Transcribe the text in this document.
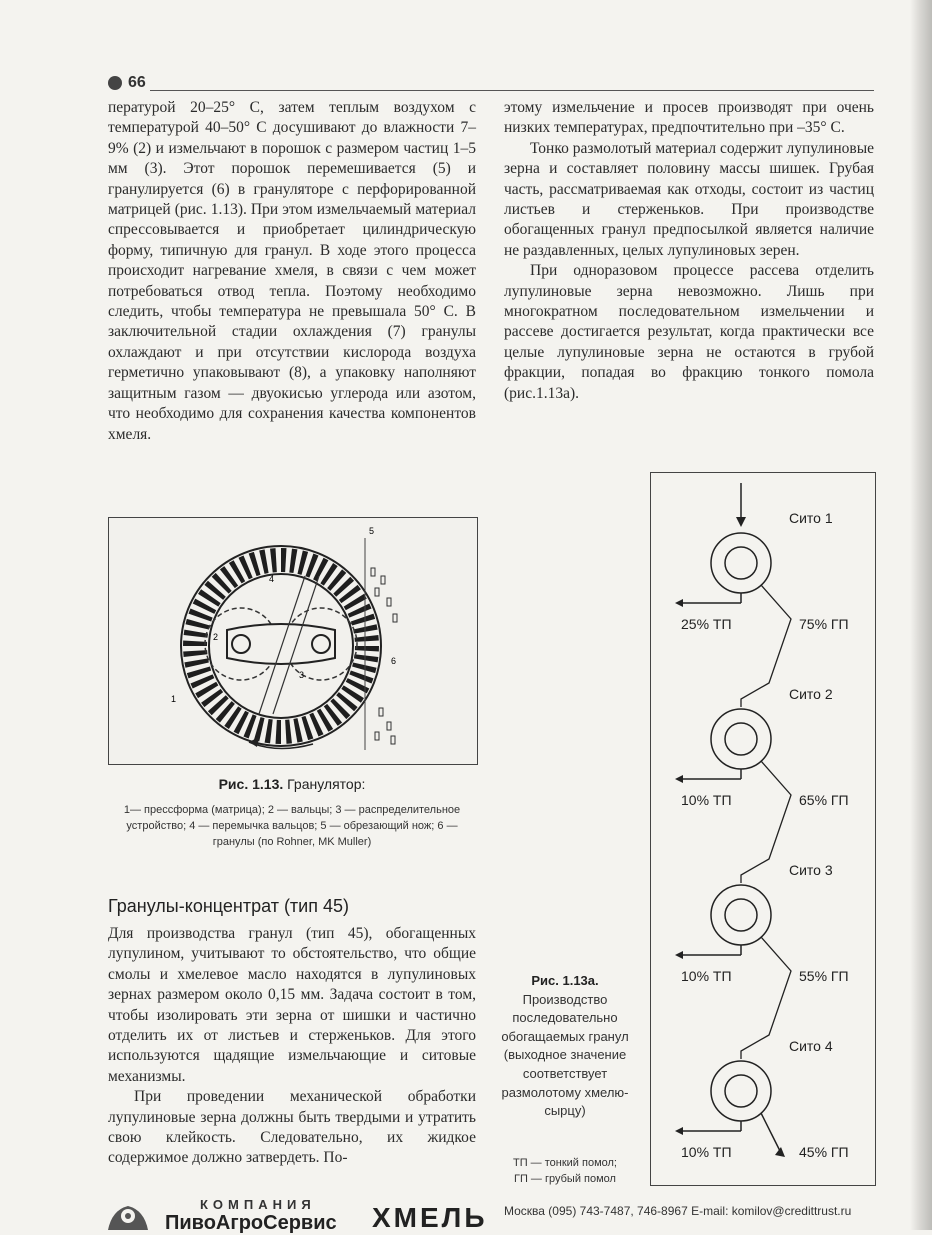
66

пературой 20–25° С, затем теплым воздухом с температурой 40–50° С досушивают до влажности 7–9% (2) и измельчают в порошок с размером частиц 1–5 мм (3). Этот порошок перемешивается (5) и гранулируется (6) в грануляторе с перфорированной матрицей (рис. 1.13). При этом измельчаемый материал спрессовывается и приобретает цилиндрическую форму, типичную для гранул. В ходе этого процесса происходит нагревание хмеля, в связи с чем может потребоваться отвод тепла. Поэтому необходимо следить, чтобы температура не превышала 50° С. В заключительной стадии охлаждения (7) гранулы охлаждают и при отсутствии кислорода воздуха герметично упаковывают (8), а упаковку наполняют защитным газом — двуокисью углерода или азотом, что необходимо для сохранения качества компонентов хмеля.

этому измельчение и просев производят при очень низких температурах, предпочтительно при –35° С.

Тонко размолотый материал содержит лупулиновые зерна и составляет половину массы шишек. Грубая часть, рассматриваемая как отходы, состоит из частиц листьев и стерженьков. При производстве обогащенных гранул предпосылкой является наличие не раздавленных, целых лупулиновых зерен.

При одноразовом процессе рассева отделить лупулиновые зерна невозможно. Лишь при многократном последовательном измельчении и рассеве достигается результат, когда практически все целые лупулиновые зерна не остаются в грубой фракции, попадая во фракцию тонкого помола (рис.1.13а).

1
2
3
4
5
6
Рис. 1.13. Гранулятор:
1— прессформа (матрица); 2 — вальцы; 3 — распределительное устройство; 4 — перемычка вальцов; 5 — обрезающий нож; 6 — гранулы (по Rohner, MK Muller)
Гранулы-концентрат (тип 45)

Для производства гранул (тип 45), обогащенных лупулином, учитывают то обстоятельство, что общие смолы и хмелевое масло находятся в лупулиновых зернах размером около 0,15 мм. Задача состоит в том, чтобы изолировать эти зерна от шишки и частично отделить их от листьев и стерженьков. Для этого используются щадящие измельчающие и ситовые механизмы.

При проведении механической обработки лупулиновые зерна должны быть твердыми и утратить свою клейкость. Следовательно, их жидкое содержимое должно затвердеть. По-

Сито 1
25% ТП	75% ГП
Сито 2
10% ТП	65% ГП
Сито 3
10% ТП	55% ГП
Сито 4
10% ТП	45% ГП
Рис. 1.13а.
Производство последовательно обогащаемых гранул (выходное значение соответствует размолотому хмелю-сырцу)
ТП — тонкий помол;
ГП — грубый помол
КОМПАНИЯ
ПивоАгроСервис ХМЕЛЬ Москва (095) 743-7487, 746-8967 E-mail: komilov@credittrust.ru
